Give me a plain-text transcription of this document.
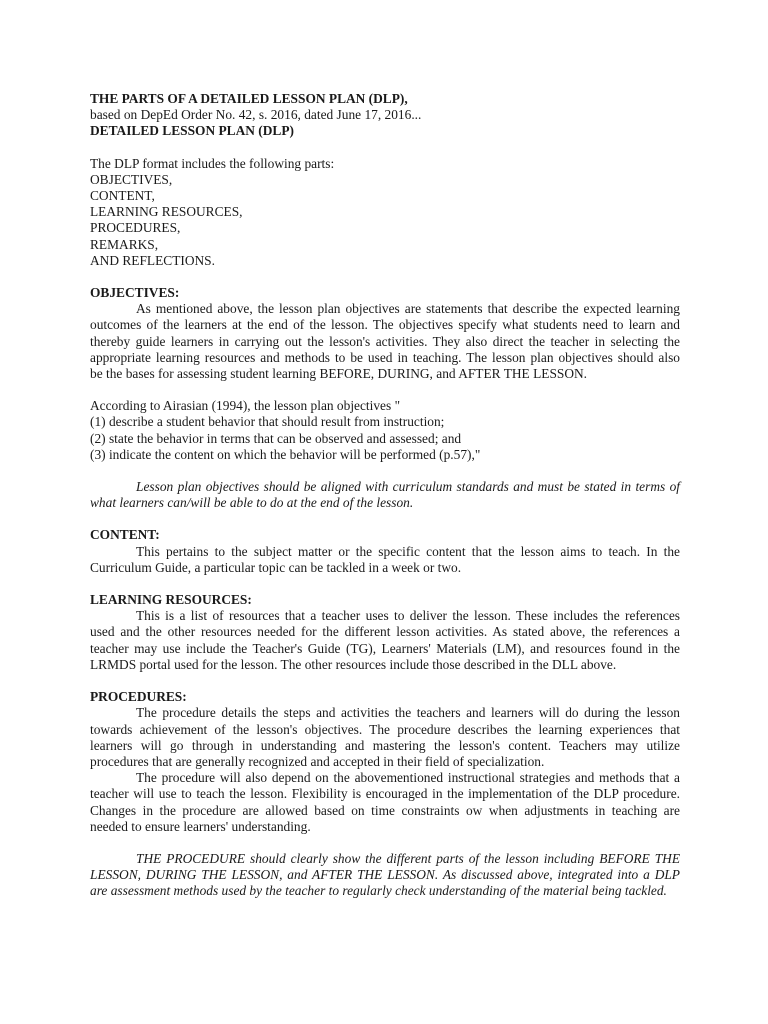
THE PARTS OF A DETAILED LESSON PLAN (DLP),
based on DepEd Order No. 42, s. 2016, dated June 17, 2016...
DETAILED LESSON PLAN (DLP)
The DLP format includes the following parts:
OBJECTIVES,
CONTENT,
LEARNING RESOURCES,
PROCEDURES,
REMARKS,
AND REFLECTIONS.
OBJECTIVES:
As mentioned above, the lesson plan objectives are statements that describe the expected learning
outcomes of the learners at the end of the lesson. The objectives specify what students need to learn and
thereby guide learners in carrying out the lesson's activities. They also direct the teacher in selecting the
appropriate learning resources and methods to be used in teaching. The lesson plan objectives should also
be the bases for assessing student learning BEFORE, DURING, and AFTER THE LESSON.
According to Airasian (1994), the lesson plan objectives "
(1) describe a student behavior that should result from instruction;
(2) state the behavior in terms that can be observed and assessed; and
(3) indicate the content on which the behavior will be performed (p.57),"
Lesson plan objectives should be aligned with curriculum standards and must be stated in terms of
what learners can/will be able to do at the end of the lesson.
CONTENT:
This pertains to the subject matter or the specific content that the lesson aims to teach. In the
Curriculum Guide, a particular topic can be tackled in a week or two.
LEARNING RESOURCES:
This is a list of resources that a teacher uses to deliver the lesson. These includes the references
used and the other resources needed for the different lesson activities. As stated above, the references a
teacher may use include the Teacher's Guide (TG), Learners' Materials (LM), and resources found in the
LRMDS portal used for the lesson. The other resources include those described in the DLL above.
PROCEDURES:
The procedure details the steps and activities the teachers and learners will do during the lesson
towards achievement of the lesson's objectives. The procedure describes the learning experiences that
learners will go through in understanding and mastering the lesson's content. Teachers may utilize
procedures that are generally recognized and accepted in their field of specialization.
The procedure will also depend on the abovementioned instructional strategies and methods that a
teacher will use to teach the lesson. Flexibility is encouraged in the implementation of the DLP procedure.
Changes in the procedure are allowed based on time constraints ow when adjustments in teaching are
needed to ensure learners' understanding.
THE PROCEDURE should clearly show the different parts of the lesson including BEFORE THE
LESSON, DURING THE LESSON, and AFTER THE LESSON. As discussed above, integrated into a DLP
are assessment methods used by the teacher to regularly check understanding of the material being tackled.
